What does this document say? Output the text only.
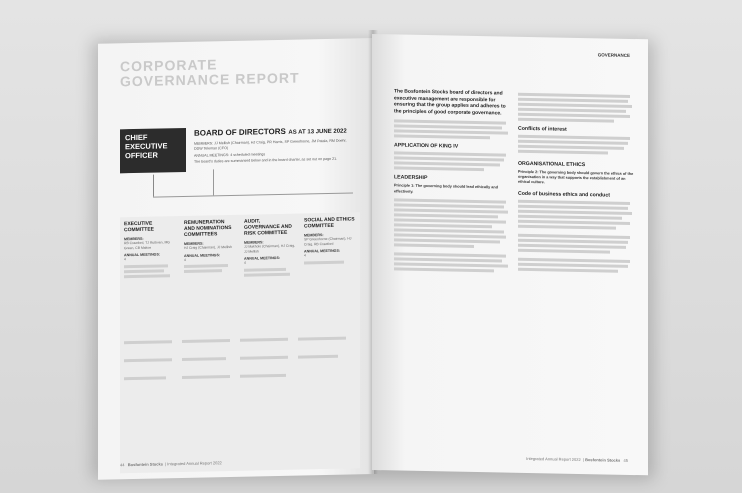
CORPORATE
GOVERNANCE REPORT
CHIEF EXECUTIVE OFFICER
BOARD OF DIRECTORS AS AT 13 JUNE 2022
MEMBERS: JJ Mellish (Chairman), HJ Craig, PR Harris, SP Greenhorne, JM Patala, RM Doehr, DDW Teleman (CFO)
ANNUAL MEETINGS: 4 scheduled meetings
The board's duties are summarised below and in the board charter, as set out on page 21.
EXECUTIVE COMMITTEE
MEMBERS:
RB Crawford, TJ Ruthven, MG Green, CB Makoe
ANNUAL MEETINGS:
4
REMUNERATION AND NOMINATIONS COMMITTEES
MEMBERS:
HJ Craig (Chairman), JJ Mellish
ANNUAL MEETINGS:
4
AUDIT, GOVERNANCE AND RISK COMMITTEE
MEMBERS:
JJ Makholo (Chairman), HJ Craig, JJ Mellish
ANNUAL MEETINGS:
4
SOCIAL AND ETHICS COMMITTEE
MEMBERS:
SP Greenhorne (Chairman), HJ Craig, RB Crawford
ANNUAL MEETINGS:
4

44 Bosfontein Stocks  | Integrated Annual Report 2022
GOVERNANCE
The Bosfontein Stocks board of directors and executive management are responsible for ensuring that the group applies and adheres to the principles of good corporate governance.
APPLICATION OF KING IV
LEADERSHIP
Principle 1: The governing body should lead ethically and effectively.
Conflicts of interest
ORGANISATIONAL ETHICS
Principle 2: The governing body should govern the ethics of the organisation in a way that supports the establishment of an ethical culture.
Code of business ethics and conduct
Integrated Annual Report 2022  | Bosfontein Stocks 45
